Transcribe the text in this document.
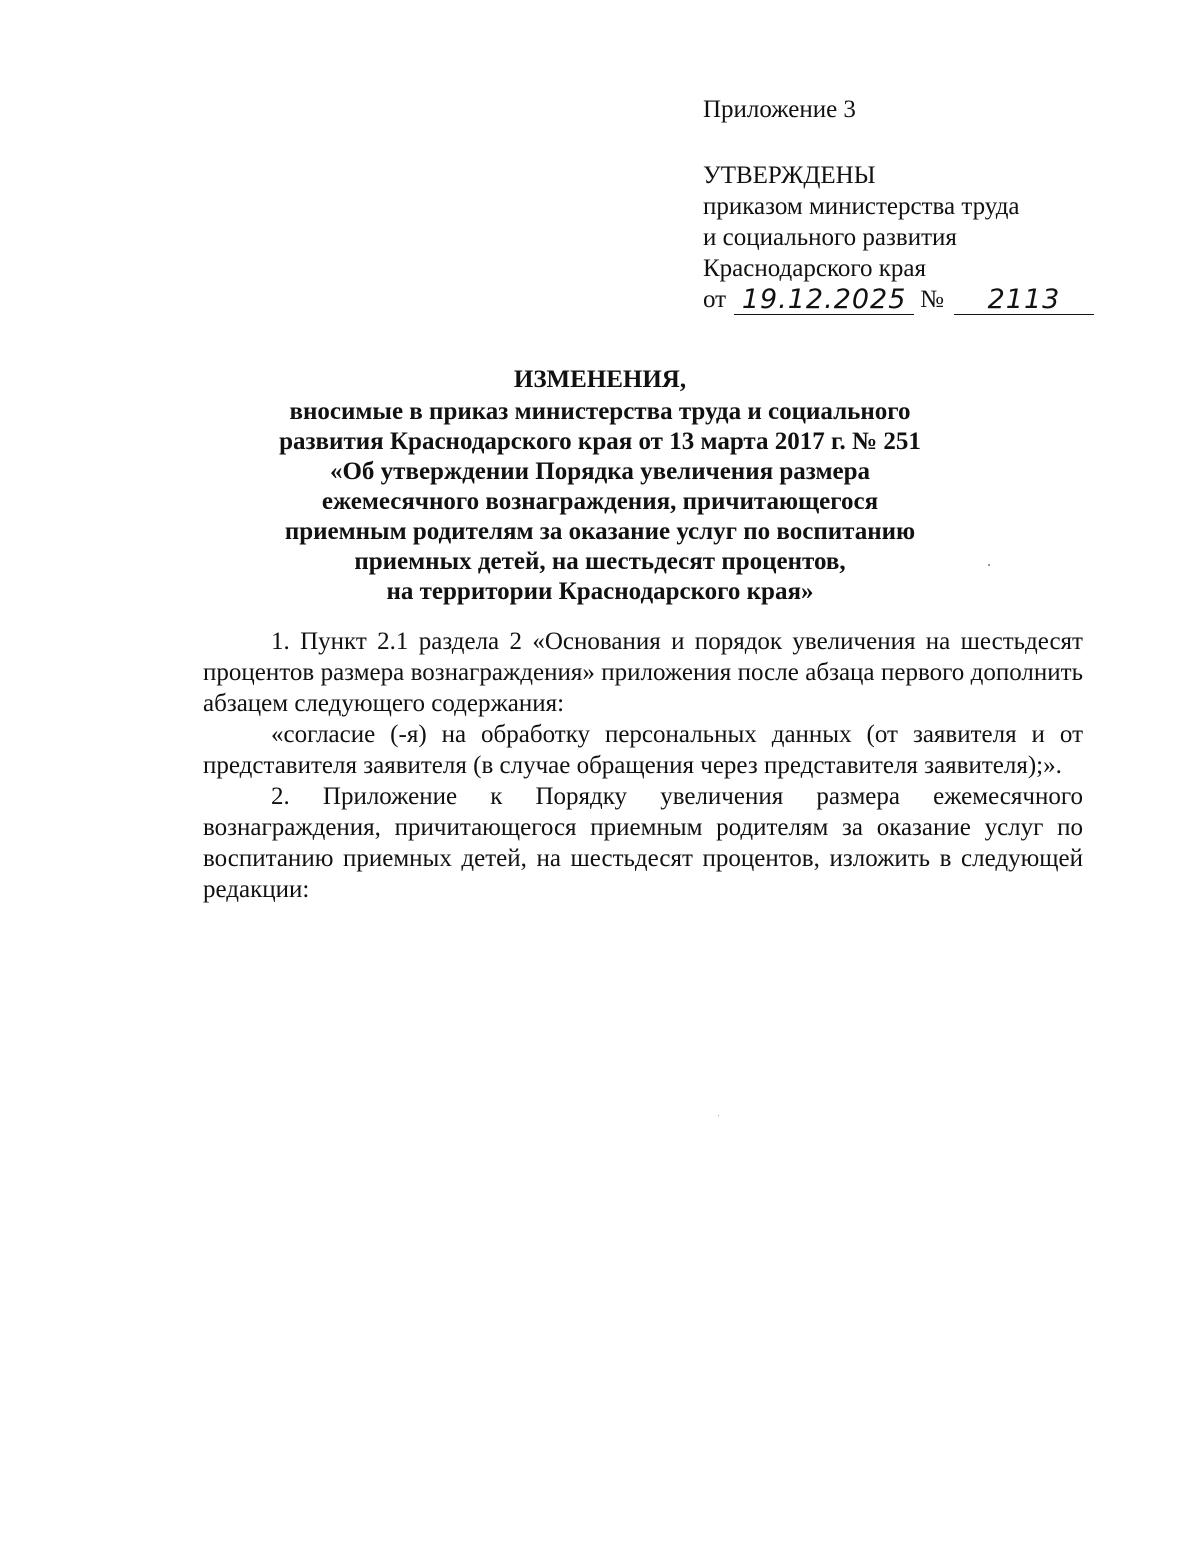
Приложение 3
УТВЕРЖДЕНЫ
приказом министерства труда
и социального развития
Краснодарского края
от 19.12.2025 №	2113
ИЗМЕНЕНИЯ,
вносимые в приказ министерства труда и социального
развития Краснодарского края от 13 марта 2017 г. № 251
«Об утверждении Порядка увеличения размера
ежемесячного вознаграждения, причитающегося
приемным родителям за оказание услуг по воспитанию
приемных детей, на шестьдесят процентов,
на территории Краснодарского края»

1. Пункт 2.1 раздела 2 «Основания и порядок увеличения на шестьдесят процентов размера вознаграждения» приложения после абзаца первого дополнить абзацем следующего содержания:

«согласие (-я) на обработку персональных данных (от заявителя и от представителя заявителя (в случае обращения через представителя заявителя);».

2. Приложение к Порядку увеличения размера ежемесячного вознаграждения, причитающегося приемным родителям за оказание услуг по воспитанию приемных детей, на шестьдесят процентов, изложить в следующей редакции:
